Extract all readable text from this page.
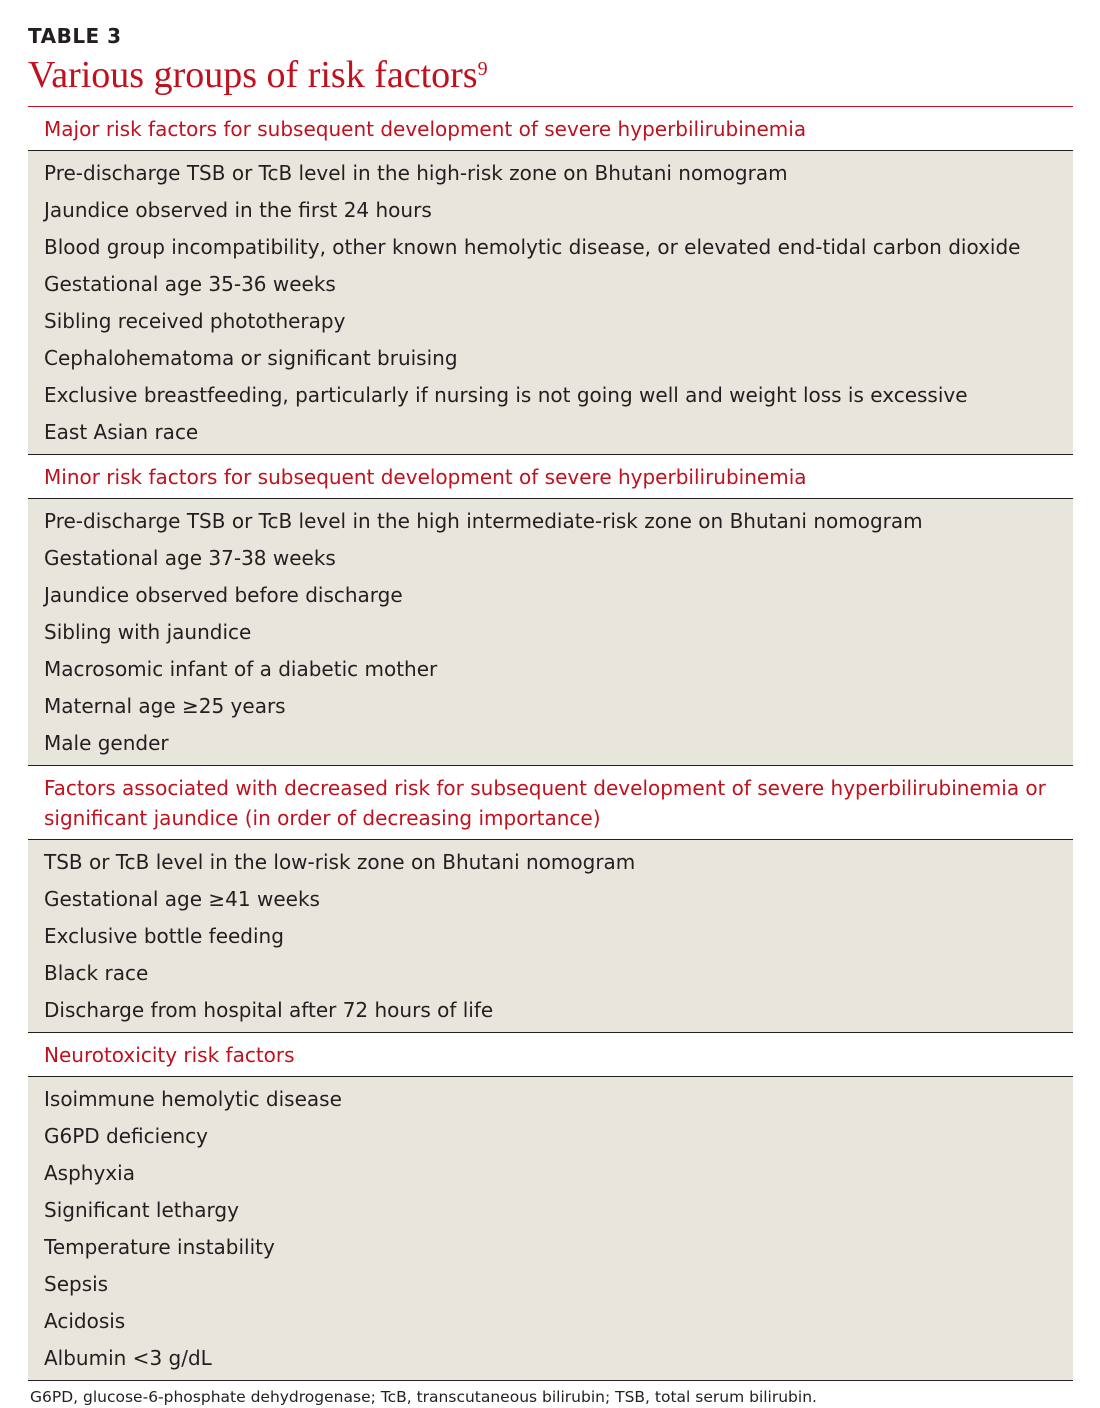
TABLE 3
Various groups of risk factors$^9$
Major risk factors for subsequent development of severe hyperbilirubinemia
Pre-discharge TSB or TcB level in the high-risk zone on Bhutani nomogram
Jaundice observed in the first 24 hours
Blood group incompatibility, other known hemolytic disease, or elevated end-tidal carbon dioxide
Gestational age 35-36 weeks
Sibling received phototherapy
Cephalohematoma or significant bruising
Exclusive breastfeeding, particularly if nursing is not going well and weight loss is excessive
East Asian race
Minor risk factors for subsequent development of severe hyperbilirubinemia
Pre-discharge TSB or TcB level in the high intermediate-risk zone on Bhutani nomogram
Gestational age 37-38 weeks
Jaundice observed before discharge
Sibling with jaundice
Macrosomic infant of a diabetic mother
Maternal age ≥25 years
Male gender
Factors associated with decreased risk for subsequent development of severe hyperbilirubinemia or significant jaundice (in order of decreasing importance)
TSB or TcB level in the low-risk zone on Bhutani nomogram
Gestational age ≥41 weeks
Exclusive bottle feeding
Black race
Discharge from hospital after 72 hours of life
Neurotoxicity risk factors
Isoimmune hemolytic disease
G6PD deficiency
Asphyxia
Significant lethargy
Temperature instability
Sepsis
Acidosis
Albumin <3 g/dL
G6PD, glucose-6-phosphate dehydrogenase; TcB, transcutaneous bilirubin; TSB, total serum bilirubin.
